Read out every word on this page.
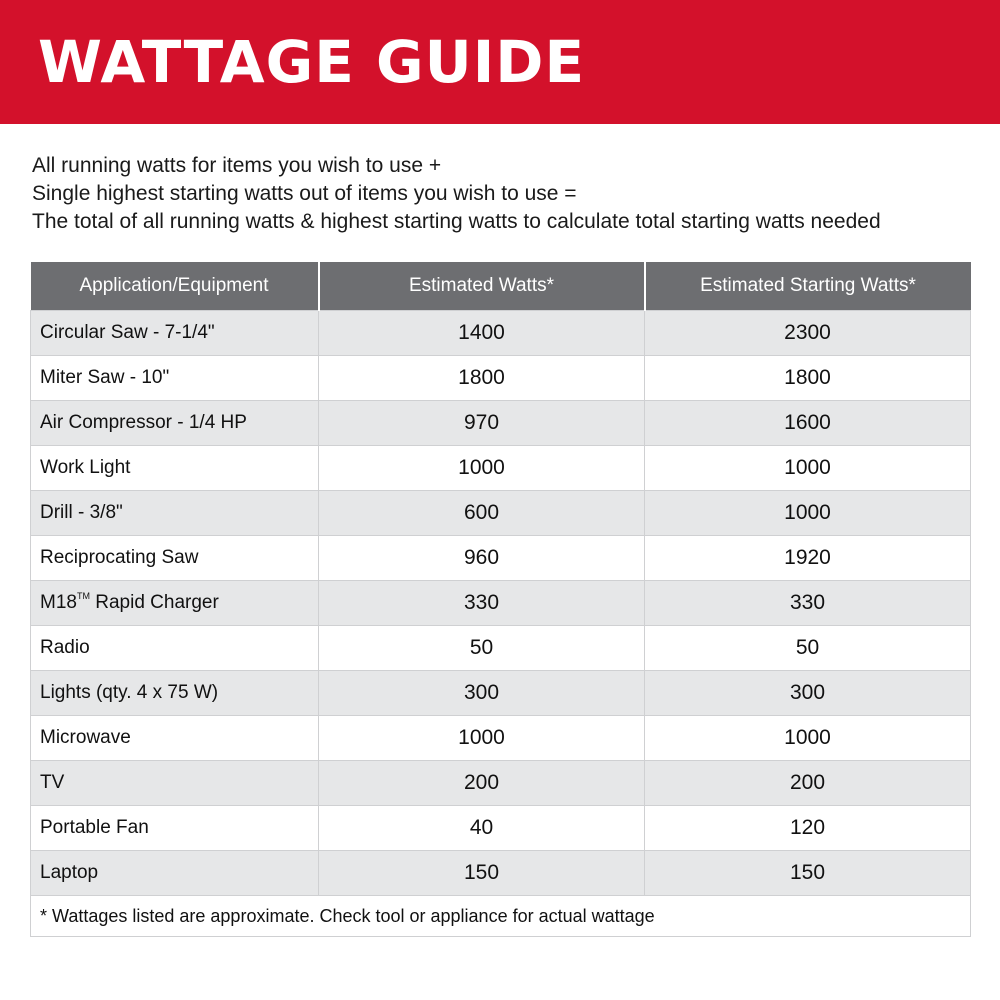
WATTAGE GUIDE
All running watts for items you wish to use +
Single highest starting watts out of items you wish to use =
The total of all running watts & highest starting watts to calculate total starting watts needed
Application/Equipment	Estimated Watts*	Estimated Starting Watts*
Circular Saw - 7-1/4"	1400	2300
Miter Saw - 10"	1800	1800
Air Compressor - 1/4 HP	970	1600
Work Light	1000	1000
Drill - 3/8"	600	1000
Reciprocating Saw	960	1920
M18™ Rapid Charger	330	330
Radio	50	50
Lights (qty. 4 x 75 W)	300	300
Microwave	1000	1000
TV	200	200
Portable Fan	40	120
Laptop	150	150
* Wattages listed are approximate. Check tool or appliance for actual wattage		
